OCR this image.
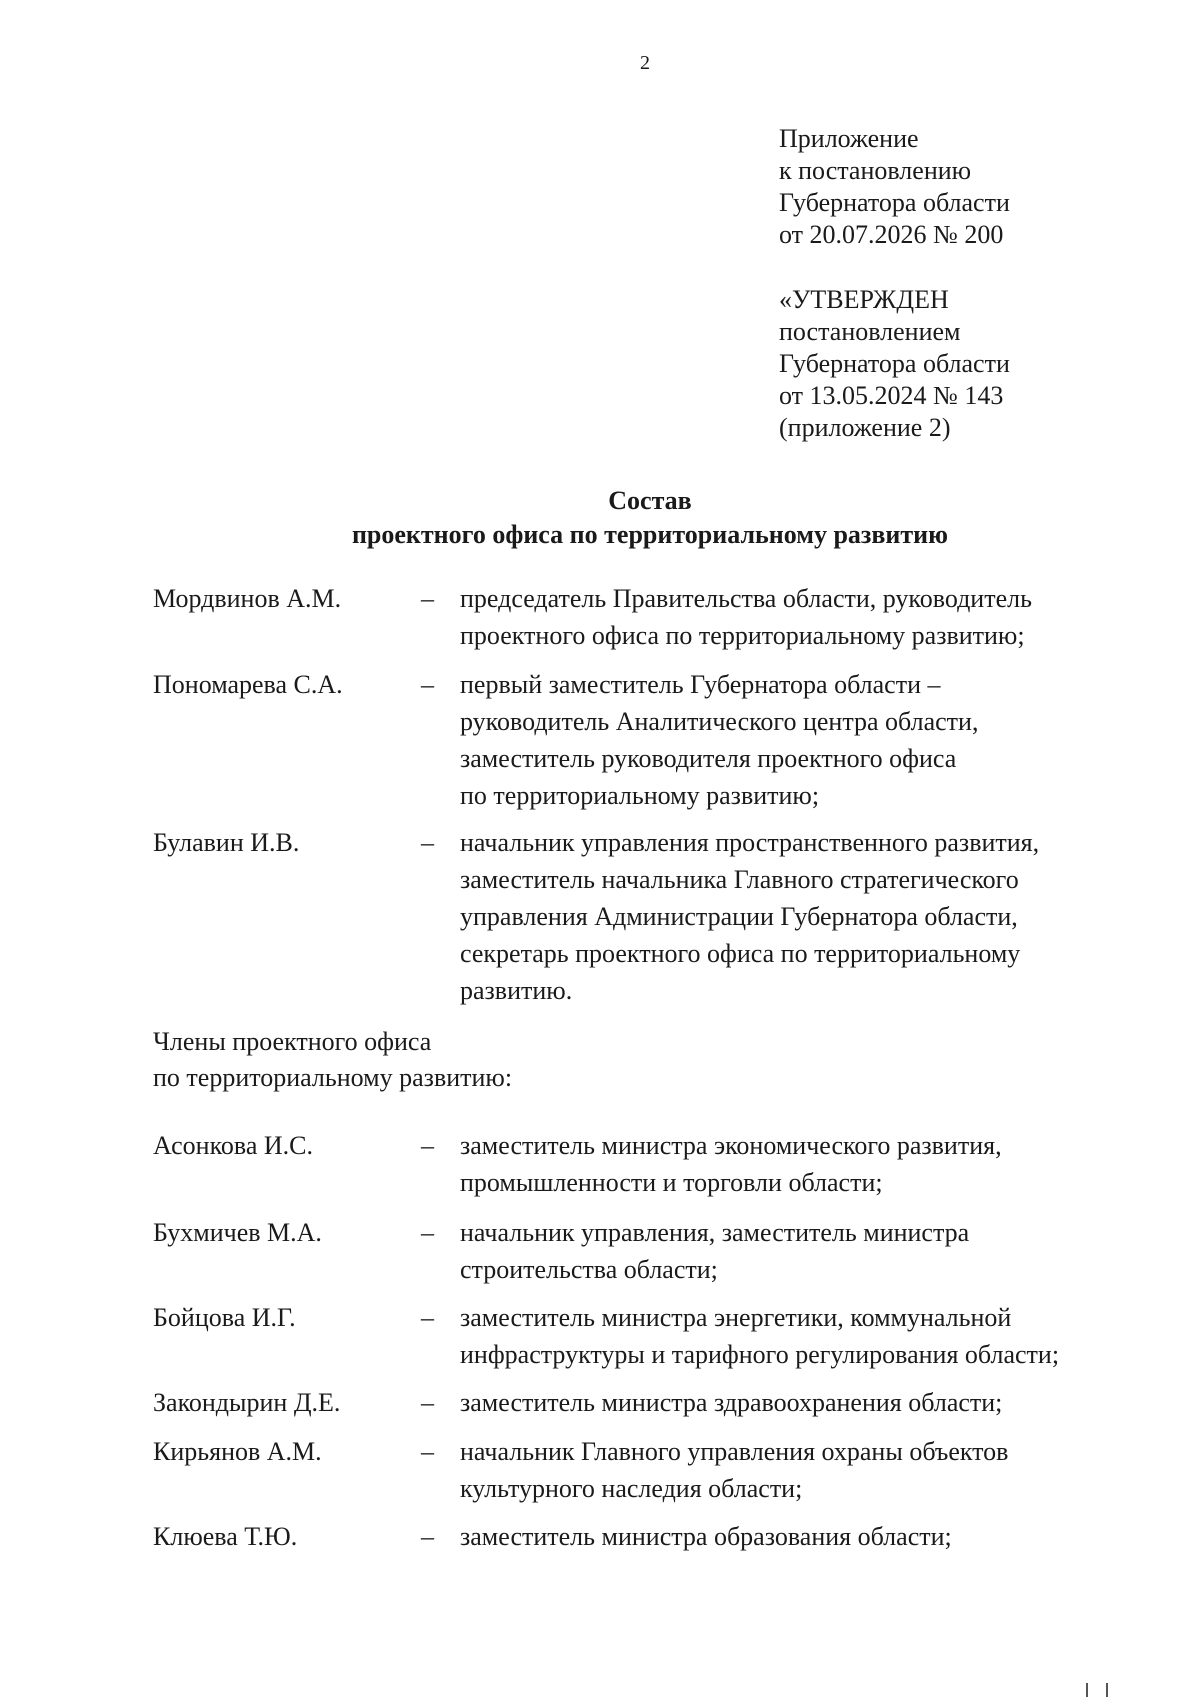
2
Приложение
к постановлению
Губернатора области
от 20.07.2026 № 200
«УТВЕРЖДЕН
постановлением
Губернатора области
от 13.05.2024 № 143
(приложение 2)
Состав
проектного офиса по территориальному развитию
Мордвинов А.М.	– председатель Правительства области, руководитель
проектного офиса по территориальному развитию;
Пономарева С.А.	– первый заместитель Губернатора области –
руководитель Аналитического центра области,
заместитель руководителя проектного офиса
по территориальному развитию;
Булавин И.В.	– начальник управления пространственного развития,
заместитель начальника Главного стратегического
управления Администрации Губернатора области,
секретарь проектного офиса по территориальному
развитию.
Члены проектного офиса
по территориальному развитию:
Асонкова И.С.	– заместитель министра экономического развития,
промышленности и торговли области;
Бухмичев М.А.	– начальник управления, заместитель министра
строительства области;
Бойцова И.Г.	– заместитель министра энергетики, коммунальной
инфраструктуры и тарифного регулирования области;
Закондырин Д.Е.	– заместитель министра здравоохранения области;
Кирьянов А.М.	– начальник Главного управления охраны объектов
культурного наследия области;
Клюева Т.Ю.	– заместитель министра образования области;
